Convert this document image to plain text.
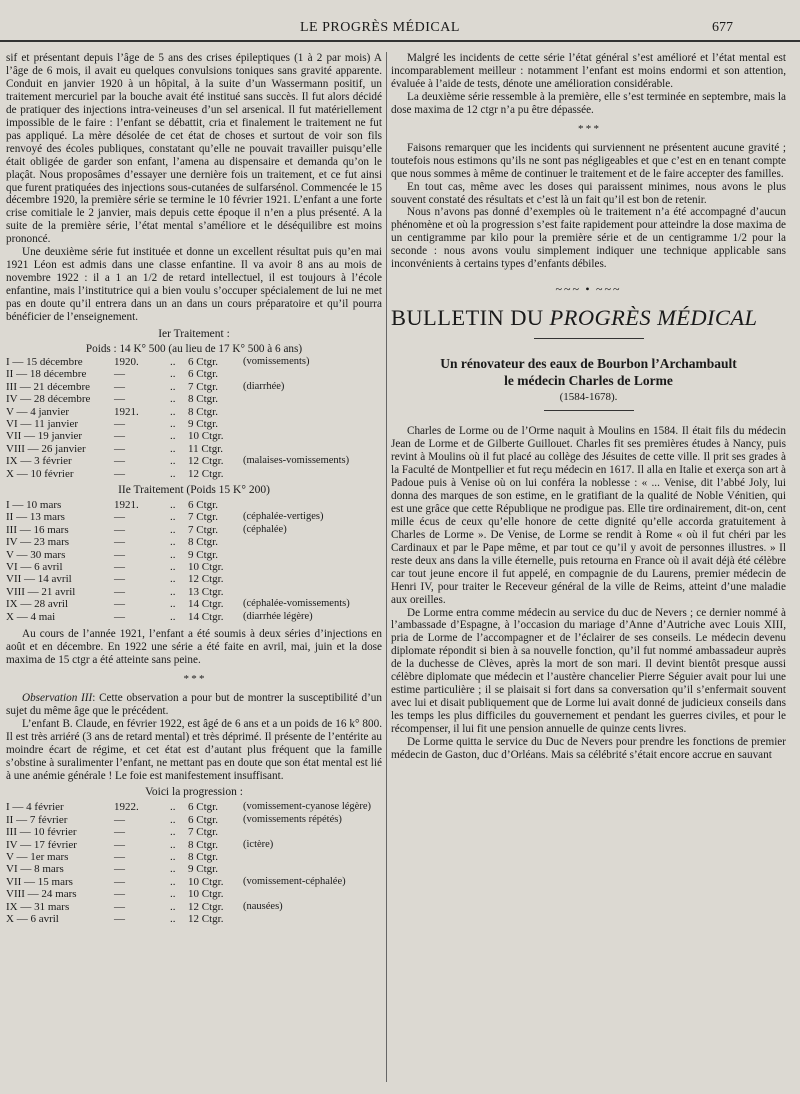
LE PROGRÈS MÉDICAL	677

sif et présentant depuis l’âge de 5 ans des crises épileptiques (1 à 2 par mois) A l’âge de 6 mois, il avait eu quelques convulsions toniques sans gravité apparente. Conduit en janvier 1920 à un hôpital, à la suite d’un Wassermann positif, un traitement mercuriel par la bouche avait été institué sans succès. Il fut alors décidé de pratiquer des injections intra-veineuses d’un sel arsenical. Il fut matériellement impossible de le faire : l’enfant se débattit, cria et finalement le traitement ne fut pas appliqué. La mère désolée de cet état de choses et surtout de voir son fils renvoyé des écoles publiques, constatant qu’elle ne pouvait travailler puisqu’elle était obligée de garder son enfant, l’amena au dispensaire et demanda qu’on le plaçât. Nous proposâmes d’essayer une dernière fois un traitement, et ce fut ainsi que furent pratiquées des injections sous-cutanées de sulfarsénol. Commencée le 15 décembre 1920, la première série se termine le 10 février 1921. L’enfant a une forte crise comitiale le 2 janvier, mais depuis cette époque il n’en a plus présenté. A la suite de la première série, l’état mental s’améliore et le déséquilibre est moins prononcé.

Une deuxième série fut instituée et donne un excellent résultat puis qu’en mai 1921 Léon est admis dans une classe enfantine. Il va avoir 8 ans au mois de novembre 1922 : il a 1 an 1/2 de retard intellectuel, il est toujours à l’école enfantine, mais l’institutrice qui a bien voulu s’occuper spécialement de lui ne met pas en doute qu’il entrera dans un an dans un cours préparatoire et qu’il pourra bénéficier de l’enseignement.

Ier Traitement :
Poids : 14 K° 500 (au lieu de 17 K° 500 à 6 ans)
I — 15 décembre	1920.	..	6 Ctgr.	(vomissements)
II — 18 décembre	—	..	6 Ctgr.
III — 21 décembre	—	..	7 Ctgr.	(diarrhée)
IV — 28 décembre	—	..	8 Ctgr.
V — 4 janvier	1921.	..	8 Ctgr.
VI — 11 janvier	—	..	9 Ctgr.
VII — 19 janvier	—	..	10 Ctgr.
VIII — 26 janvier	—	..	11 Ctgr.
IX — 3 février	—	..	12 Ctgr.	(malaises-vomissements)
X — 10 février	—	..	12 Ctgr.
IIe Traitement (Poids 15 K° 200)
I — 10 mars	1921.	..	6 Ctgr.
II — 13 mars	—	..	7 Ctgr.	(céphalée-vertiges)
III — 16 mars	—	..	7 Ctgr.	(céphalée)
IV — 23 mars	—	..	8 Ctgr.
V — 30 mars	—	..	9 Ctgr.
VI — 6 avril	—	..	10 Ctgr.
VII — 14 avril	—	..	12 Ctgr.
VIII — 21 avril	—	..	13 Ctgr.
IX — 28 avril	—	..	14 Ctgr.	(céphalée-vomissements)
X — 4 mai	—	..	14 Ctgr.	(diarrhée légère)

Au cours de l’année 1921, l’enfant a été soumis à deux séries d’injections en août et en décembre. En 1922 une série a été faite en avril, mai, juin et la dose maxima de 15 ctgr a été atteinte sans peine.

* * *

Observation III: Cette observation a pour but de montrer la susceptibilité d’un sujet du même âge que le précédent.

L’enfant B. Claude, en février 1922, est âgé de 6 ans et a un poids de 16 k° 800. Il est très arriéré (3 ans de retard mental) et très déprimé. Il présente de l’entérite au moindre écart de régime, et cet état est d’autant plus fréquent que la famille s’obstine à suralimenter l’enfant, ne mettant pas en doute que son état mental est lié à une anémie générale ! Le foie est manifestement insuffisant.

Voici la progression :
I — 4 février	1922.	..	6 Ctgr.	(vomissement-cyanose légère)
II — 7 février	—	..	6 Ctgr.	(vomissements répétés)
III — 10 février	—	..	7 Ctgr.
IV — 17 février	—	..	8 Ctgr.	(ictère)
V — 1er mars	—	..	8 Ctgr.
VI — 8 mars	—	..	9 Ctgr.
VII — 15 mars	—	..	10 Ctgr.	(vomissement-céphalée)
VIII — 24 mars	—	..	10 Ctgr.
IX — 31 mars	—	..	12 Ctgr.	(nausées)
X — 6 avril	—	..	12 Ctgr.

Malgré les incidents de cette série l’état général s’est amélioré et l’état mental est incomparablement meilleur : notamment l’enfant est moins endormi et son attention, évaluée à l’aide de tests, dénote une amélioration considérable.

La deuxième série ressemble à la première, elle s’est terminée en septembre, mais la dose maxima de 12 ctgr n’a pu être dépassée.

* * *

Faisons remarquer que les incidents qui surviennent ne présentent aucune gravité ; toutefois nous estimons qu’ils ne sont pas négligeables et que c’est en en tenant compte que nous sommes à même de continuer le traitement et de le faire accepter des familles.

En tout cas, même avec les doses qui paraissent minimes, nous avons le plus souvent constaté des résultats et c’est là un fait qu’il est bon de retenir.

Nous n’avons pas donné d’exemples où le traitement n’a été accompagné d’aucun phénomène et où la progression s’est faite rapidement pour atteindre la dose maxima de un centigramme par kilo pour la première série et de un centigramme 1/2 pour la seconde : nous avons voulu simplement indiquer une technique applicable sans inconvénients à certains types d’enfants débiles.

~~~ • ~~~
BULLETIN DU PROGRÈS MÉDICAL
Un rénovateur des eaux de Bourbon l’Archambault
le médecin Charles de Lorme
(1584-1678).

Charles de Lorme ou de l’Orme naquit à Moulins en 1584. Il était fils du médecin Jean de Lorme et de Gilberte Guillouet. Charles fit ses premières études à Nancy, puis revint à Moulins où il fut placé au collège des Jésuites de cette ville. Il prit ses grades à la Faculté de Montpellier et fut reçu médecin en 1617. Il alla en Italie et exerça son art à Padoue puis à Venise où on lui conféra la noblesse : « ... Venise, dit l’abbé Joly, lui donna des marques de son estime, en le gratifiant de la qualité de Noble Vénitien, qui est une grâce que cette République ne prodigue pas. Elle tire ordinairement, dit-on, cent mille écus de ceux qu’elle honore de cette dignité qu’elle accorda gratuitement à Charles de Lorme ». De Venise, de Lorme se rendit à Rome « où il fut chéri par les Cardinaux et par le Pape même, et par tout ce qu’il y avoit de personnes illustres. » Il reste deux ans dans la ville éternelle, puis retourna en France où il avait déjà été célèbre car tout jeune encore il fut appelé, en compagnie de du Laurens, premier médecin de Henri IV, pour traiter le Receveur général de la ville de Reims, atteint d’une maladie aux oreilles.

De Lorme entra comme médecin au service du duc de Nevers ; ce dernier nommé à l’ambassade d’Espagne, à l’occasion du mariage d’Anne d’Autriche avec Louis XIII, pria de Lorme de l’accompagner et de l’éclairer de ses conseils. Le médecin devenu diplomate répondit si bien à sa nouvelle fonction, qu’il fut nommé ambassadeur auprès de la duchesse de Clèves, après la mort de son mari. Il devint bientôt presque aussi célèbre diplomate que médecin et l’austère chancelier Pierre Séguier avait pour lui une estime particulière ; il se plaisait si fort dans sa conversation qu’il s’enfermait souvent avec lui et disait publiquement que de Lorme lui avait donné de judicieux conseils dans les temps les plus difficiles du gouvernement et pendant les guerres civiles, et pour le récompenser, il lui fit une pension annuelle de quinze cents livres.

De Lorme quitta le service du Duc de Nevers pour prendre les fonctions de premier médecin de Gaston, duc d’Orléans. Mais sa célébrité s’était encore accrue en sauvant
